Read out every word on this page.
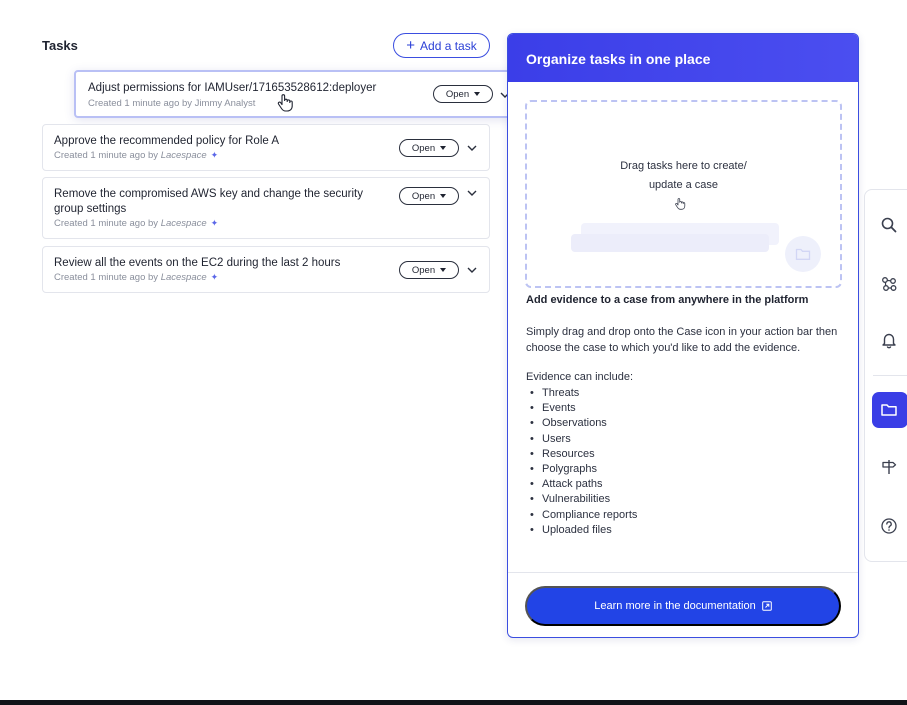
Tasks	+ Add a task
Adjust permissions for IAMUser/171653528612:deployer
Created 1 minute ago by Jimmy Analyst
Open
Approve the recommended policy for Role A
Created 1 minute ago by Lacespace ✦
Open
Remove the compromised AWS key and change the security group settings
Created 1 minute ago by Lacespace ✦
Open
Review all the events on the EC2 during the last 2 hours
Created 1 minute ago by Lacespace ✦
Open
Organize tasks in one place
Drag tasks here to create/
update a case
Add evidence to a case from anywhere in the platform
Simply drag and drop onto the Case icon in your action bar then choose the case to which you'd like to add the evidence.
Evidence can include:
• Threats
• Events
• Observations
• Users
• Resources
• Polygraphs
• Attack paths
• Vulnerabilities
• Compliance reports
• Uploaded files
Learn more in the documentation
